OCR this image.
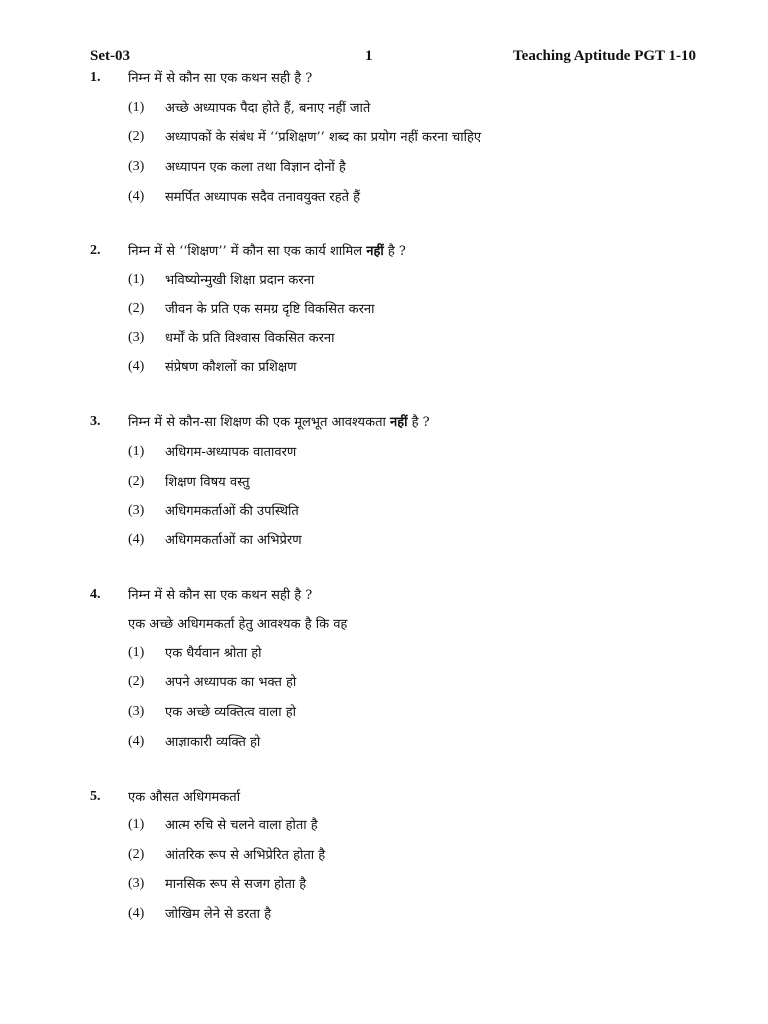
Set-03	1	Teaching Aptitude PGT 1-10
1. निम्न में से कौन सा एक कथन सही है ?
(1) अच्छे अध्यापक पैदा होते हैं, बनाए नहीं जाते
(2) अध्यापकों के संबंध में ‘‘प्रशिक्षण’’ शब्द का प्रयोग नहीं करना चाहिए
(3) अध्यापन एक कला तथा विज्ञान दोनों है
(4) समर्पित अध्यापक सदैव तनावयुक्त रहते हैं
2. निम्न में से ‘‘शिक्षण’’ में कौन सा एक कार्य शामिल नहीं है ?
(1) भविष्योन्मुखी शिक्षा प्रदान करना
(2) जीवन के प्रति एक समग्र दृष्टि विकसित करना
(3) धर्मों के प्रति विश्वास विकसित करना
(4) संप्रेषण कौशलों का प्रशिक्षण
3. निम्न में से कौन-सा शिक्षण की एक मूलभूत आवश्यकता नहीं है ?
(1) अधिगम-अध्यापक वातावरण
(2) शिक्षण विषय वस्तु
(3) अधिगमकर्ताओं की उपस्थिति
(4) अधिगमकर्ताओं का अभिप्रेरण
4. निम्न में से कौन सा एक कथन सही है ?
एक अच्छे अधिगमकर्ता हेतु आवश्यक है कि वह
(1) एक धैर्यवान श्रोता हो
(2) अपने अध्यापक का भक्त हो
(3) एक अच्छे व्यक्तित्व वाला हो
(4) आज्ञाकारी व्यक्ति हो
5. एक औसत अधिगमकर्ता
(1) आत्म रुचि से चलने वाला होता है
(2) आंतरिक रूप से अभिप्रेरित होता है
(3) मानसिक रूप से सजग होता है
(4) जोखिम लेने से डरता है
